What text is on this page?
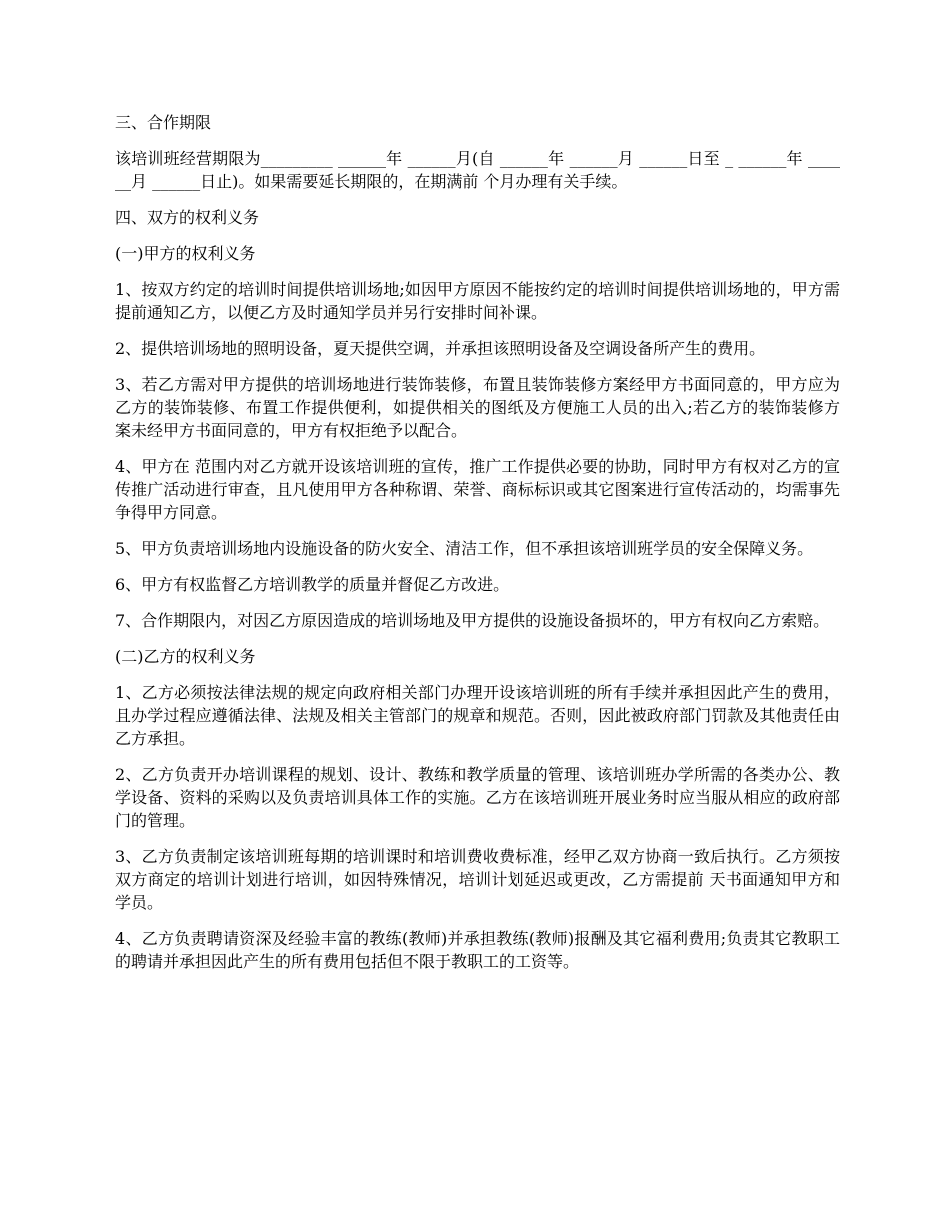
三、合作期限

该培训班经营期限为_________ ______年 ______月(自 ______年 ______月 ______日至 _ ______年 ______月 ______日止)。如果需要延长期限的，在期满前 个月办理有关手续。

四、双方的权利义务

(一)甲方的权利义务

1、按双方约定的培训时间提供培训场地;如因甲方原因不能按约定的培训时间提供培训场地的，甲方需提前通知乙方，以便乙方及时通知学员并另行安排时间补课。

2、提供培训场地的照明设备，夏天提供空调，并承担该照明设备及空调设备所产生的费用。

3、若乙方需对甲方提供的培训场地进行装饰装修，布置且装饰装修方案经甲方书面同意的，甲方应为乙方的装饰装修、布置工作提供便利，如提供相关的图纸及方便施工人员的出入;若乙方的装饰装修方案未经甲方书面同意的，甲方有权拒绝予以配合。

4、甲方在 范围内对乙方就开设该培训班的宣传，推广工作提供必要的协助，同时甲方有权对乙方的宣传推广活动进行审查，且凡使用甲方各种称谓、荣誉、商标标识或其它图案进行宣传活动的，均需事先争得甲方同意。

5、甲方负责培训场地内设施设备的防火安全、清洁工作，但不承担该培训班学员的安全保障义务。

6、甲方有权监督乙方培训教学的质量并督促乙方改进。

7、合作期限内，对因乙方原因造成的培训场地及甲方提供的设施设备损坏的，甲方有权向乙方索赔。

(二)乙方的权利义务

1、乙方必须按法律法规的规定向政府相关部门办理开设该培训班的所有手续并承担因此产生的费用，且办学过程应遵循法律、法规及相关主管部门的规章和规范。否则，因此被政府部门罚款及其他责任由乙方承担。

2、乙方负责开办培训课程的规划、设计、教练和教学质量的管理、该培训班办学所需的各类办公、教学设备、资料的采购以及负责培训具体工作的实施。乙方在该培训班开展业务时应当服从相应的政府部门的管理。

3、乙方负责制定该培训班每期的培训课时和培训费收费标准，经甲乙双方协商一致后执行。乙方须按双方商定的培训计划进行培训，如因特殊情况，培训计划延迟或更改，乙方需提前 天书面通知甲方和学员。

4、乙方负责聘请资深及经验丰富的教练(教师)并承担教练(教师)报酬及其它福利费用;负责其它教职工的聘请并承担因此产生的所有费用包括但不限于教职工的工资等。
